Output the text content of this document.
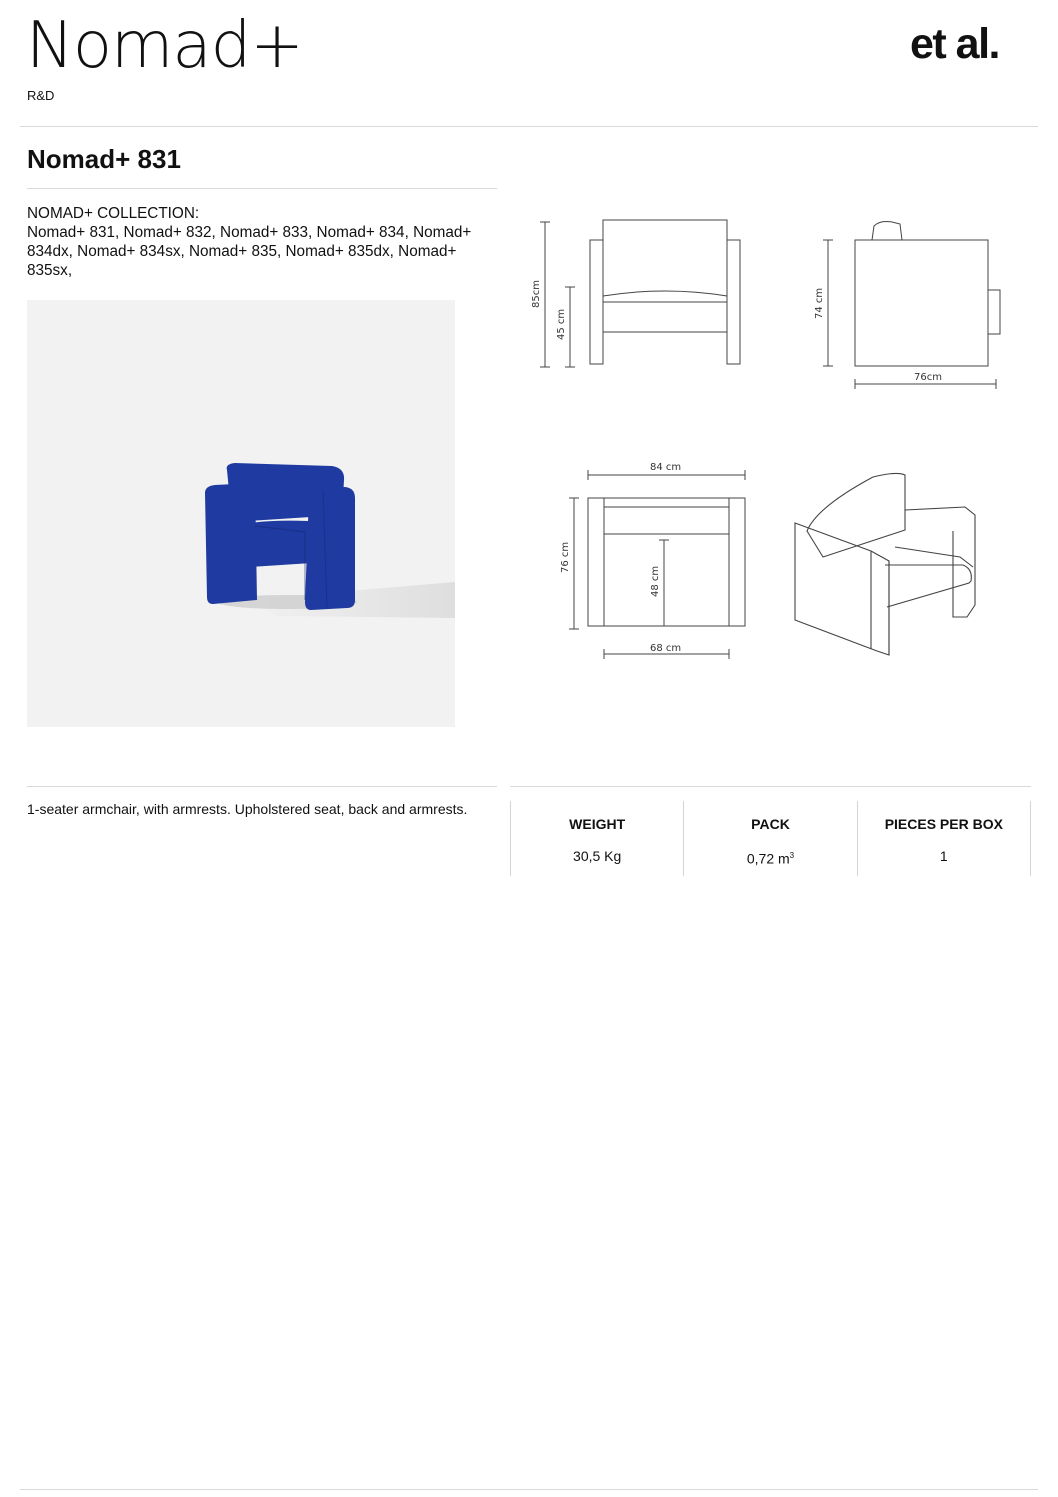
Nomad+
R&D
et al.
Nomad+ 831
NOMAD+ COLLECTION:
Nomad+ 831, Nomad+ 832, Nomad+ 833, Nomad+ 834, Nomad+ 834dx, Nomad+ 834sx, Nomad+ 835, Nomad+ 835dx, Nomad+ 835sx,
85cm
45 cm
74 cm
76cm
84 cm
76 cm
48 cm
68 cm
1-seater armchair, with armrests. Upholstered seat, back and armrests.
WEIGHT
30,5 Kg
PACK
0,72 $m^3$
PIECES PER BOX
1
